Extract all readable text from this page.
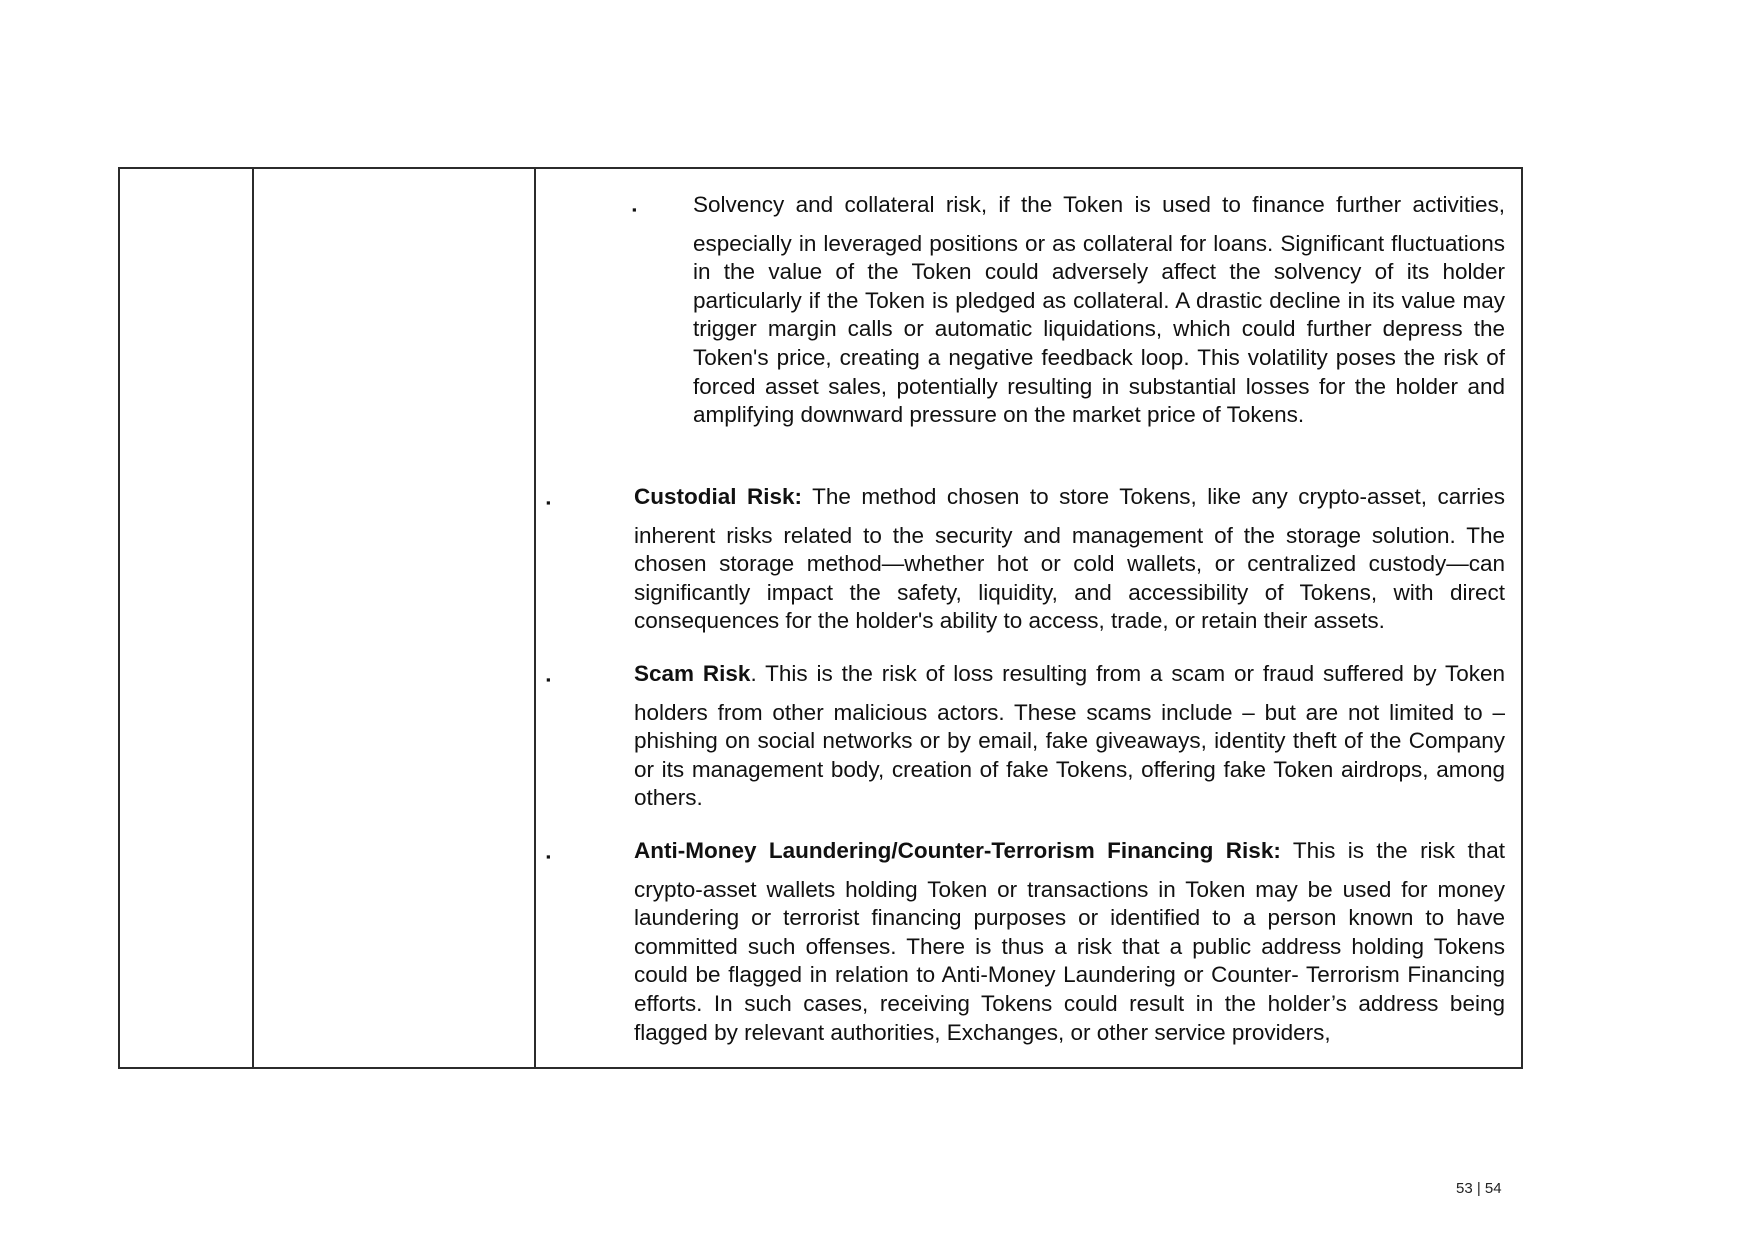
▪	Solvency and collateral risk, if the Token is used to finance further activities,
especially in leveraged positions or as collateral for loans. Significant fluctuations in the value of the Token could adversely affect the solvency of its holder particularly if the Token is pledged as collateral. A drastic decline in its value may trigger margin calls or automatic liquidations, which could further depress the Token's price, creating a negative feedback loop. This volatility poses the risk of forced asset sales, potentially resulting in substantial losses for the holder and amplifying downward pressure on the market price of Tokens.
▪	Custodial Risk: The method chosen to store Tokens, like any crypto-asset, carries
inherent risks related to the security and management of the storage solution. The chosen storage method—whether hot or cold wallets, or centralized custody—can significantly impact the safety, liquidity, and accessibility of Tokens, with direct consequences for the holder's ability to access, trade, or retain their assets.
▪	Scam Risk. This is the risk of loss resulting from a scam or fraud suffered by Token
holders from other malicious actors. These scams include – but are not limited to – phishing on social networks or by email, fake giveaways, identity theft of the Company or its management body, creation of fake Tokens, offering fake Token airdrops, among others.
▪	Anti-Money Laundering/Counter-Terrorism Financing Risk: This is the risk that
crypto-asset wallets holding Token or transactions in Token may be used for money laundering or terrorist financing purposes or identified to a person known to have committed such offenses. There is thus a risk that a public address holding Tokens could be flagged in relation to Anti-Money Laundering or Counter- Terrorism Financing efforts. In such cases, receiving Tokens could result in the holder’s address being flagged by relevant authorities, Exchanges, or other service providers,
53 | 54
